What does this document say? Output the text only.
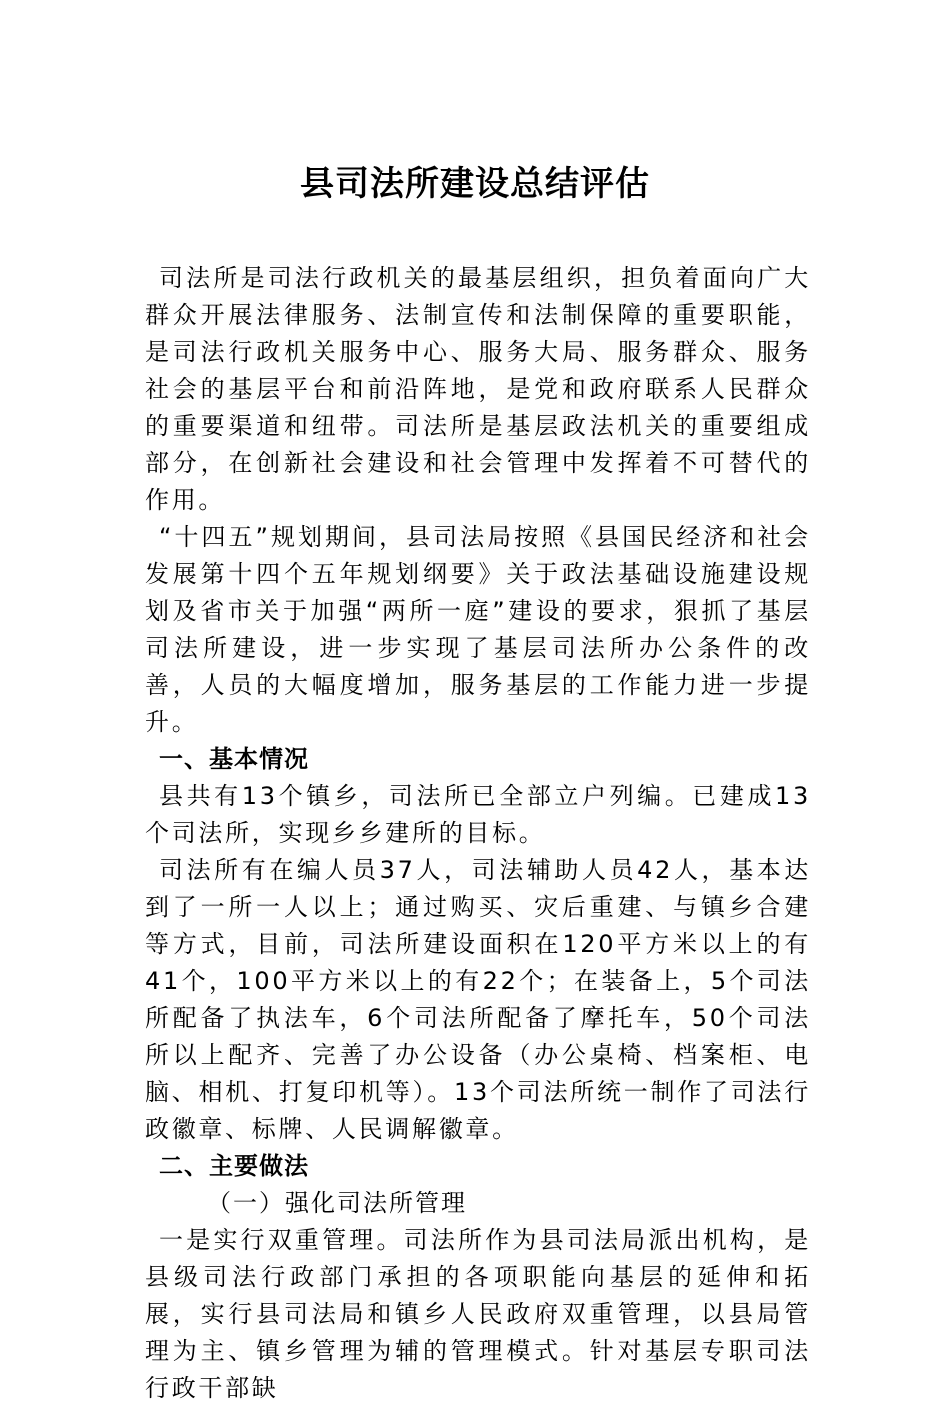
县司法所建设总结评估

司法所是司法行政机关的最基层组织，担负着面向广大群众开展法律服务、法制宣传和法制保障的重要职能，是司法行政机关服务中心、服务大局、服务群众、服务社会的基层平台和前沿阵地，是党和政府联系人民群众的重要渠道和纽带。司法所是基层政法机关的重要组成部分，在创新社会建设和社会管理中发挥着不可替代的作用。

“十四五”规划期间，县司法局按照《县国民经济和社会发展第十四个五年规划纲要》关于政法基础设施建设规划及省市关于加强“两所一庭”建设的要求，狠抓了基层司法所建设，进一步实现了基层司法所办公条件的改善，人员的大幅度增加，服务基层的工作能力进一步提升。

一、基本情况

县共有13个镇乡，司法所已全部立户列编。已建成13个司法所，实现乡乡建所的目标。

司法所有在编人员37人，司法辅助人员42人，基本达到了一所一人以上；通过购买、灾后重建、与镇乡合建等方式，目前，司法所建设面积在120平方米以上的有41个，100平方米以上的有22个；在装备上，5个司法所配备了执法车，6个司法所配备了摩托车，50个司法所以上配齐、完善了办公设备（办公桌椅、档案柜、电脑、相机、打复印机等）。13个司法所统一制作了司法行政徽章、标牌、人民调解徽章。

二、主要做法
（一）强化司法所管理

一是实行双重管理。司法所作为县司法局派出机构，是县级司法行政部门承担的各项职能向基层的延伸和拓展，实行县司法局和镇乡人民政府双重管理，以县局管理为主、镇乡管理为辅的管理模式。针对基层专职司法行政干部缺
